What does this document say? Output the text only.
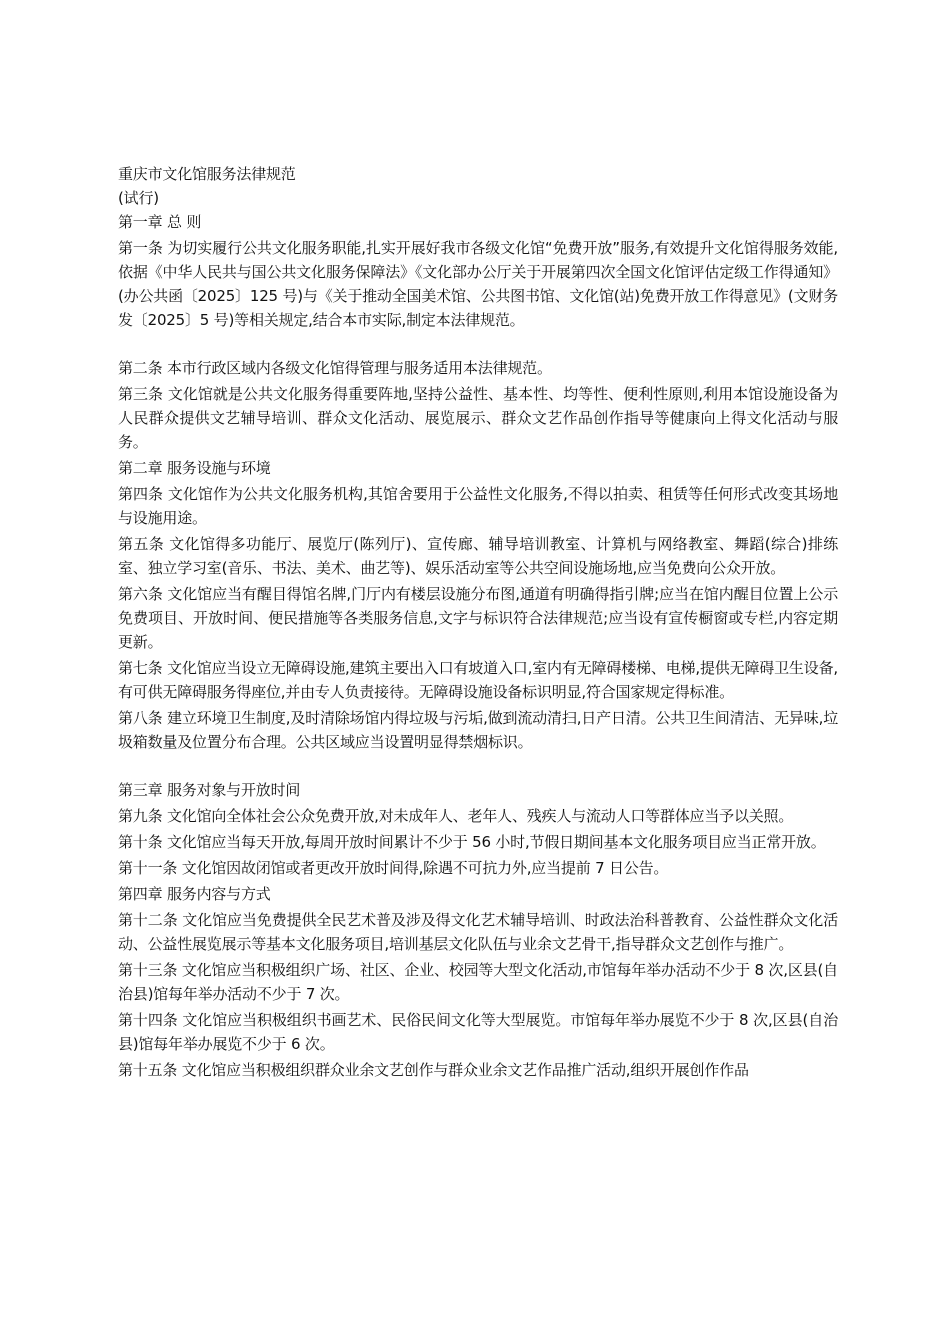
重庆市文化馆服务法律规范

(试行)

第一章 总 则

第一条 为切实履行公共文化服务职能,扎实开展好我市各级文化馆“免费开放”服务,有效提升文化馆得服务效能,依据《中华人民共与国公共文化服务保障法》《文化部办公厅关于开展第四次全国文化馆评估定级工作得通知》(办公共函〔2025〕125 号)与《关于推动全国美术馆、公共图书馆、文化馆(站)免费开放工作得意见》(文财务发〔2025〕5 号)等相关规定,结合本市实际,制定本法律规范。

第二条 本市行政区域内各级文化馆得管理与服务适用本法律规范。

第三条 文化馆就是公共文化服务得重要阵地,坚持公益性、基本性、均等性、便利性原则,利用本馆设施设备为人民群众提供文艺辅导培训、群众文化活动、展览展示、群众文艺作品创作指导等健康向上得文化活动与服务。

第二章 服务设施与环境

第四条 文化馆作为公共文化服务机构,其馆舍要用于公益性文化服务,不得以拍卖、租赁等任何形式改变其场地与设施用途。

第五条 文化馆得多功能厅、展览厅(陈列厅)、宣传廊、辅导培训教室、计算机与网络教室、舞蹈(综合)排练室、独立学习室(音乐、书法、美术、曲艺等)、娱乐活动室等公共空间设施场地,应当免费向公众开放。

第六条 文化馆应当有醒目得馆名牌,门厅内有楼层设施分布图,通道有明确得指引牌;应当在馆内醒目位置上公示免费项目、开放时间、便民措施等各类服务信息,文字与标识符合法律规范;应当设有宣传橱窗或专栏,内容定期更新。

第七条 文化馆应当设立无障碍设施,建筑主要出入口有坡道入口,室内有无障碍楼梯、电梯,提供无障碍卫生设备,有可供无障碍服务得座位,并由专人负责接待。无障碍设施设备标识明显,符合国家规定得标准。

第八条 建立环境卫生制度,及时清除场馆内得垃圾与污垢,做到流动清扫,日产日清。公共卫生间清洁、无异味,垃圾箱数量及位置分布合理。公共区域应当设置明显得禁烟标识。

第三章 服务对象与开放时间

第九条 文化馆向全体社会公众免费开放,对未成年人、老年人、残疾人与流动人口等群体应当予以关照。

第十条 文化馆应当每天开放,每周开放时间累计不少于 56 小时,节假日期间基本文化服务项目应当正常开放。

第十一条 文化馆因故闭馆或者更改开放时间得,除遇不可抗力外,应当提前 7 日公告。

第四章 服务内容与方式

第十二条 文化馆应当免费提供全民艺术普及涉及得文化艺术辅导培训、时政法治科普教育、公益性群众文化活动、公益性展览展示等基本文化服务项目,培训基层文化队伍与业余文艺骨干,指导群众文艺创作与推广。

第十三条 文化馆应当积极组织广场、社区、企业、校园等大型文化活动,市馆每年举办活动不少于 8 次,区县(自治县)馆每年举办活动不少于 7 次。

第十四条 文化馆应当积极组织书画艺术、民俗民间文化等大型展览。市馆每年举办展览不少于 8 次,区县(自治县)馆每年举办展览不少于 6 次。

第十五条 文化馆应当积极组织群众业余文艺创作与群众业余文艺作品推广活动,组织开展创作作品
